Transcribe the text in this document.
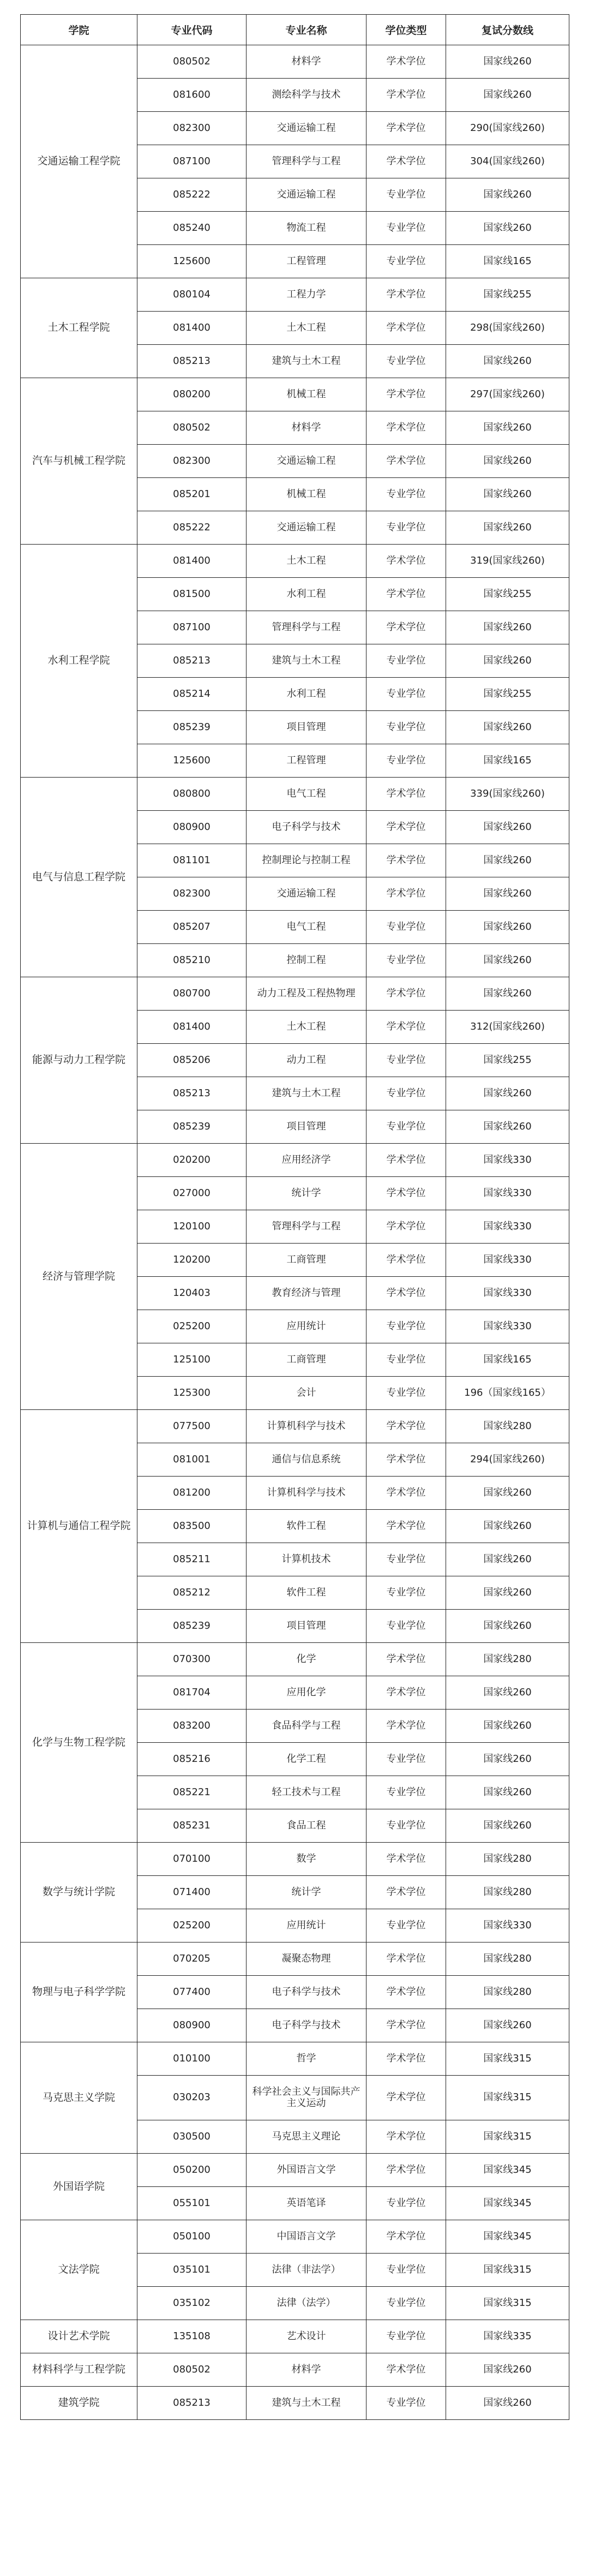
学院	专业代码	专业名称	学位类型	复试分数线
交通运输工程学院	080502	材料学	学术学位	国家线260
	081600	测绘科学与技术	学术学位	国家线260
	082300	交通运输工程	学术学位	290(国家线260)
	087100	管理科学与工程	学术学位	304(国家线260)
	085222	交通运输工程	专业学位	国家线260
	085240	物流工程	专业学位	国家线260
	125600	工程管理	专业学位	国家线165
土木工程学院	080104	工程力学	学术学位	国家线255
	081400	土木工程	学术学位	298(国家线260)
	085213	建筑与土木工程	专业学位	国家线260
汽车与机械工程学院	080200	机械工程	学术学位	297(国家线260)
	080502	材料学	学术学位	国家线260
	082300	交通运输工程	学术学位	国家线260
	085201	机械工程	专业学位	国家线260
	085222	交通运输工程	专业学位	国家线260
水利工程学院	081400	土木工程	学术学位	319(国家线260)
	081500	水利工程	学术学位	国家线255
	087100	管理科学与工程	学术学位	国家线260
	085213	建筑与土木工程	专业学位	国家线260
	085214	水利工程	专业学位	国家线255
	085239	项目管理	专业学位	国家线260
	125600	工程管理	专业学位	国家线165
电气与信息工程学院	080800	电气工程	学术学位	339(国家线260)
	080900	电子科学与技术	学术学位	国家线260
	081101	控制理论与控制工程	学术学位	国家线260
	082300	交通运输工程	学术学位	国家线260
	085207	电气工程	专业学位	国家线260
	085210	控制工程	专业学位	国家线260
能源与动力工程学院	080700	动力工程及工程热物理	学术学位	国家线260
	081400	土木工程	学术学位	312(国家线260)
	085206	动力工程	专业学位	国家线255
	085213	建筑与土木工程	专业学位	国家线260
	085239	项目管理	专业学位	国家线260
经济与管理学院	020200	应用经济学	学术学位	国家线330
	027000	统计学	学术学位	国家线330
	120100	管理科学与工程	学术学位	国家线330
	120200	工商管理	学术学位	国家线330
	120403	教育经济与管理	学术学位	国家线330
	025200	应用统计	专业学位	国家线330
	125100	工商管理	专业学位	国家线165
	125300	会计	专业学位	196（国家线165）
计算机与通信工程学院	077500	计算机科学与技术	学术学位	国家线280
	081001	通信与信息系统	学术学位	294(国家线260)
	081200	计算机科学与技术	学术学位	国家线260
	083500	软件工程	学术学位	国家线260
	085211	计算机技术	专业学位	国家线260
	085212	软件工程	专业学位	国家线260
	085239	项目管理	专业学位	国家线260
化学与生物工程学院	070300	化学	学术学位	国家线280
	081704	应用化学	学术学位	国家线260
	083200	食品科学与工程	学术学位	国家线260
	085216	化学工程	专业学位	国家线260
	085221	轻工技术与工程	专业学位	国家线260
	085231	食品工程	专业学位	国家线260
数学与统计学院	070100	数学	学术学位	国家线280
	071400	统计学	学术学位	国家线280
	025200	应用统计	专业学位	国家线330
物理与电子科学学院	070205	凝聚态物理	学术学位	国家线280
	077400	电子科学与技术	学术学位	国家线280
	080900	电子科学与技术	学术学位	国家线260
马克思主义学院	010100	哲学	学术学位	国家线315
	030203	科学社会主义与国际共产主义运动	学术学位	国家线315
	030500	马克思主义理论	学术学位	国家线315
外国语学院	050200	外国语言文学	学术学位	国家线345
	055101	英语笔译	专业学位	国家线345
文法学院	050100	中国语言文学	学术学位	国家线345
	035101	法律（非法学）	专业学位	国家线315
	035102	法律（法学）	专业学位	国家线315
设计艺术学院	135108	艺术设计	专业学位	国家线335
材料科学与工程学院	080502	材料学	学术学位	国家线260
建筑学院	085213	建筑与土木工程	专业学位	国家线260
